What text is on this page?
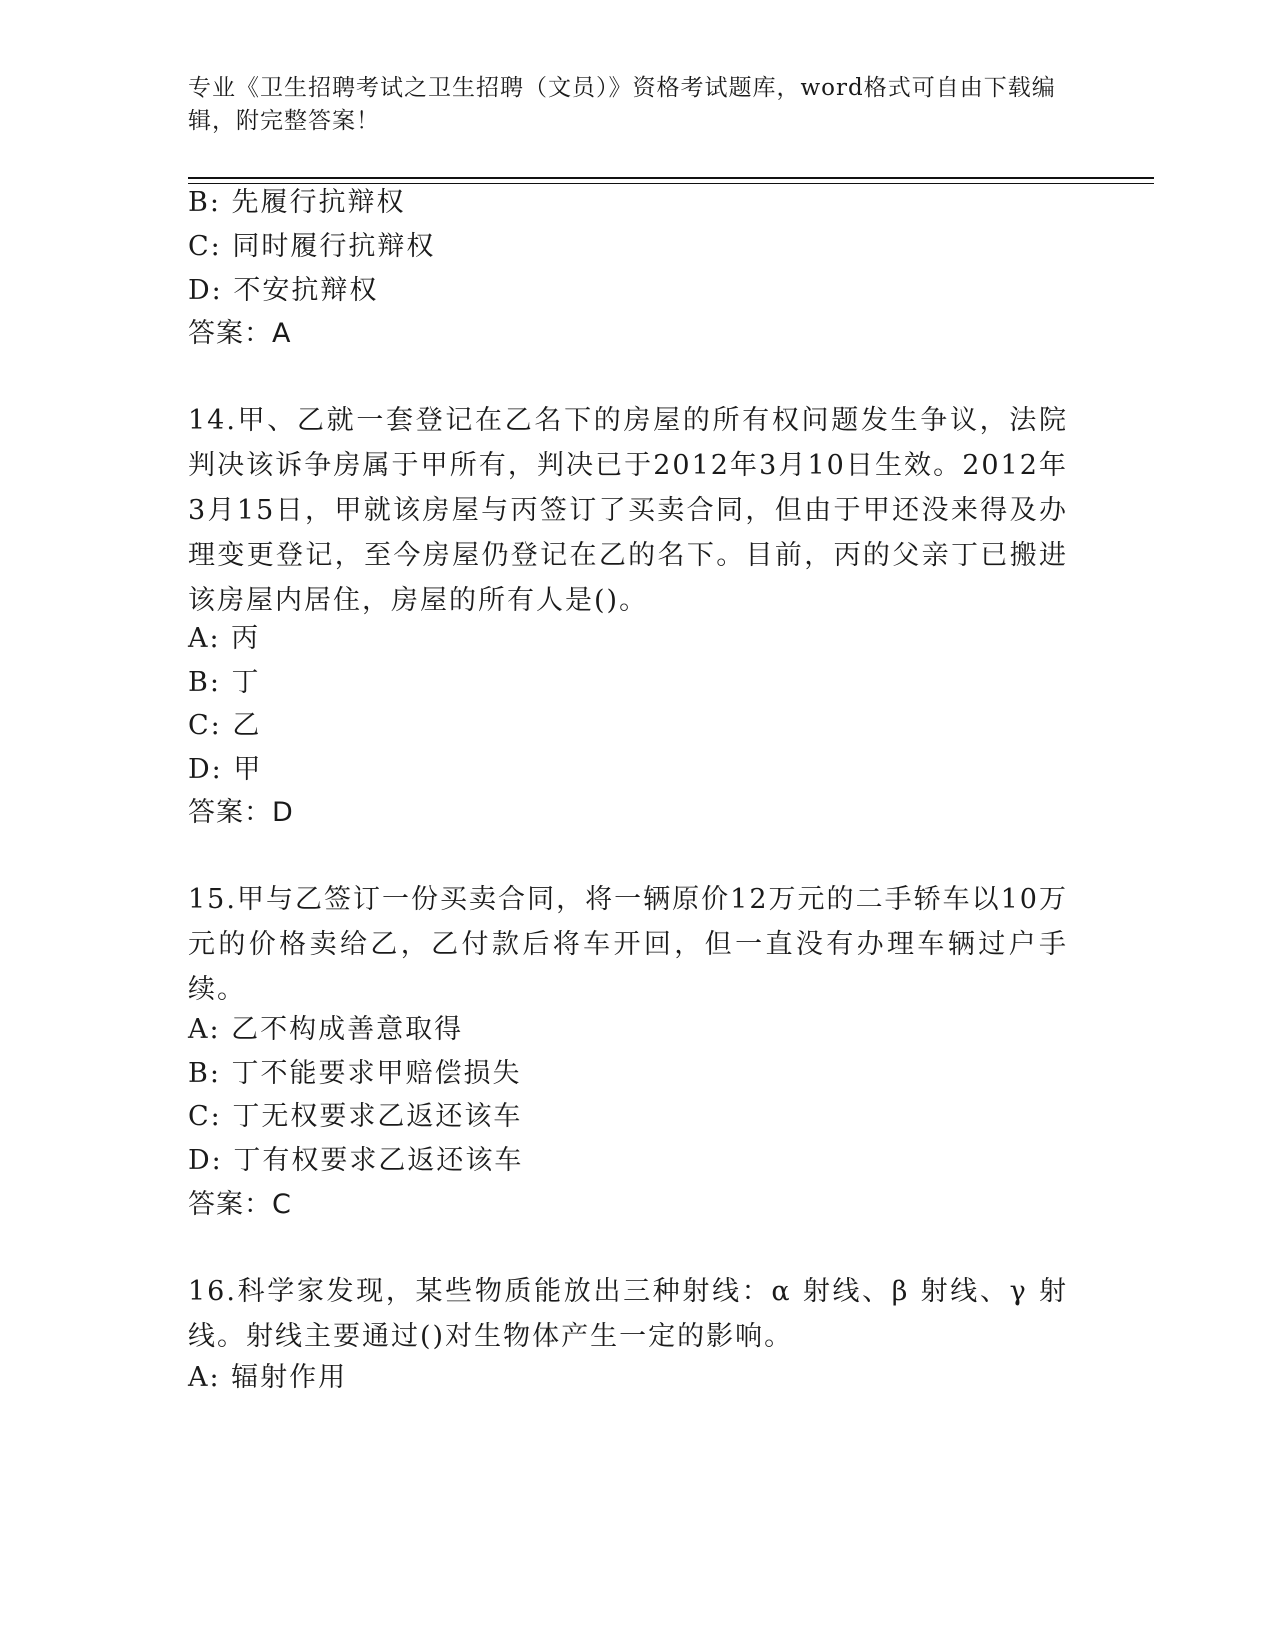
专业《卫生招聘考试之卫生招聘（文员）》资格考试题库，word格式可自由下载编辑，附完整答案！
B: 先履行抗辩权
C: 同时履行抗辩权
D: 不安抗辩权
答案：A
14.甲、乙就一套登记在乙名下的房屋的所有权问题发生争议，法院判决该诉争房属于甲所有，判决已于2012年3月10日生效。2012年3月15日，甲就该房屋与丙签订了买卖合同，但由于甲还没来得及办理变更登记，至今房屋仍登记在乙的名下。目前，丙的父亲丁已搬进该房屋内居住，房屋的所有人是()。
A: 丙
B: 丁
C: 乙
D: 甲
答案：D
15.甲与乙签订一份买卖合同，将一辆原价12万元的二手轿车以10万元的价格卖给乙，乙付款后将车开回，但一直没有办理车辆过户手续。
A: 乙不构成善意取得
B: 丁不能要求甲赔偿损失
C: 丁无权要求乙返还该车
D: 丁有权要求乙返还该车
答案：C
16.科学家发现，某些物质能放出三种射线：α 射线、β 射线、γ 射线。射线主要通过()对生物体产生一定的影响。
A: 辐射作用
